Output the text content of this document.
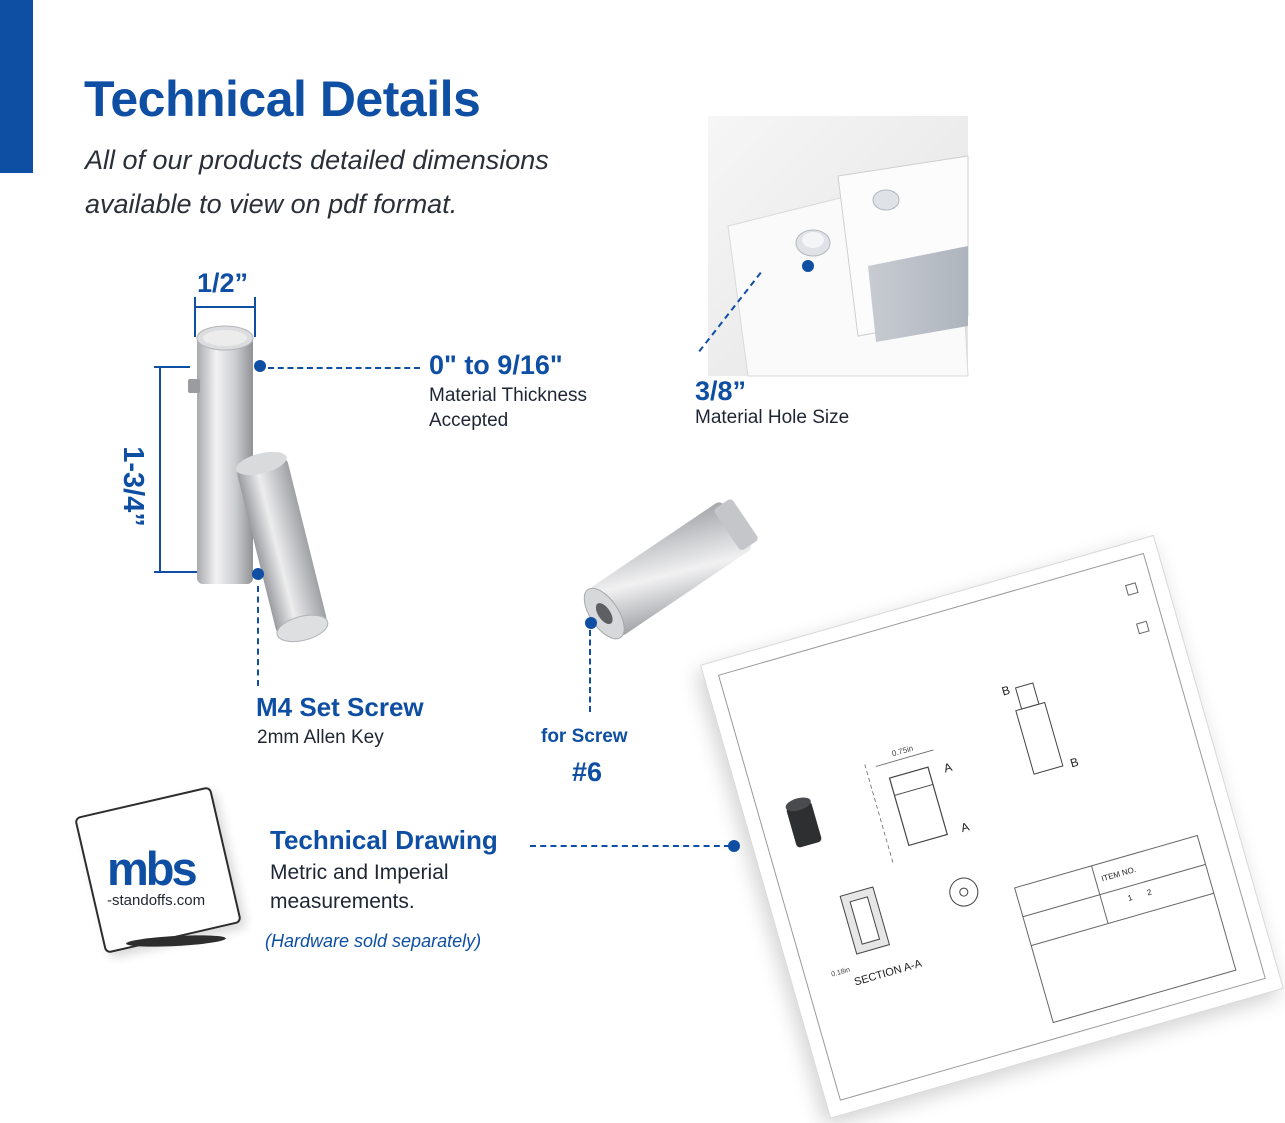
Technical Details
All of our products detailed dimensions
available to view on pdf format.
3/8”
Material Hole Size
1/2”
1-3/4”
0" to 9/16"
Material Thickness
Accepted
M4 Set Screw
2mm Allen Key	for Screw
#6
Technical Drawing
Metric and Imperial
measurements.
(Hardware sold separately)
mbs
-standoffs.com
0.75in
A
A
SECTION A-A
0.18in
B
B
ITEM NO.
1
2
